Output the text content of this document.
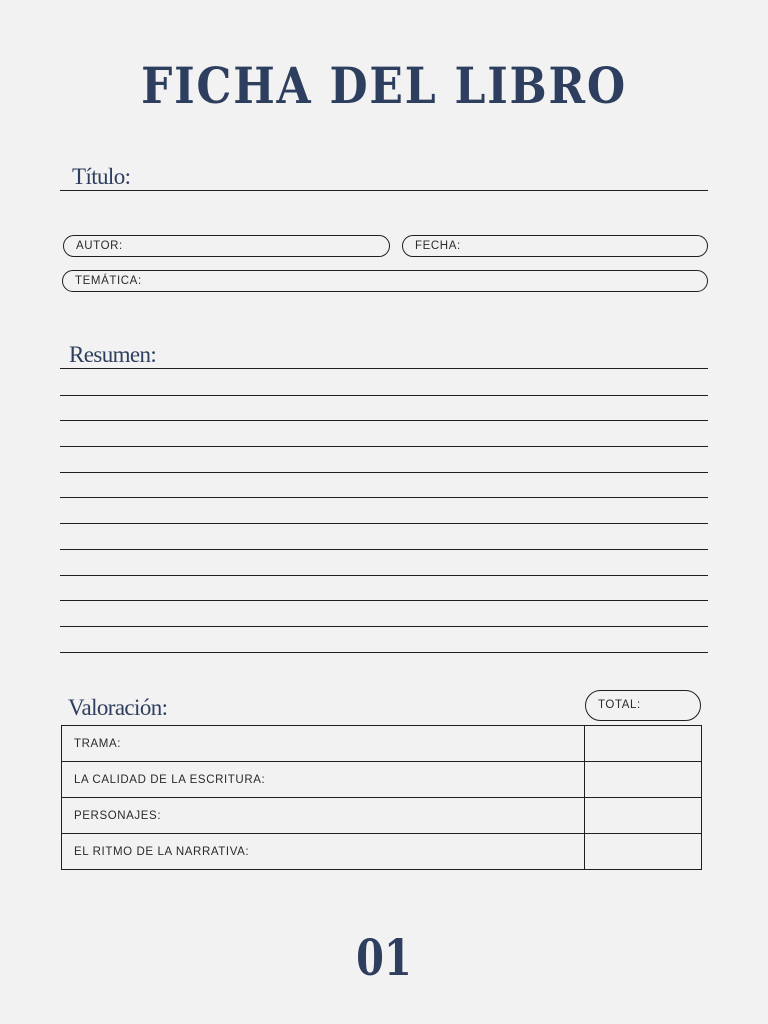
FICHA DEL LIBRO
Título:
AUTOR:	FECHA:
TEMÁTICA:
Resumen:
Valoración:	TOTAL:
TRAMA:	
LA CALIDAD DE LA ESCRITURA:	
PERSONAJES:	
EL RITMO DE LA NARRATIVA:	
01
